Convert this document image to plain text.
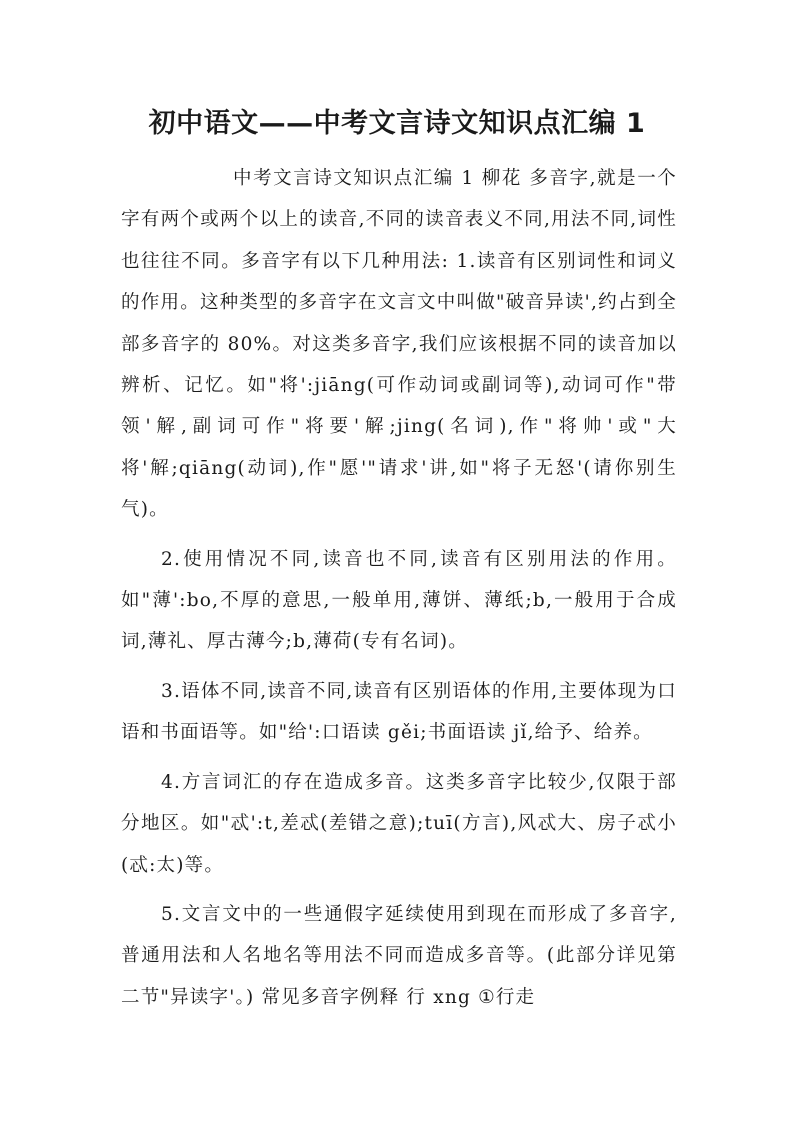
初中语文——中考文言诗文知识点汇编 1

中考文言诗文知识点汇编 1 柳花 多音字,就是一个字有两个或两个以上的读音,不同的读音表义不同,用法不同,词性也往往不同。多音字有以下几种用法: 1.读音有区别词性和词义的作用。这种类型的多音字在文言文中叫做"破音异读',约占到全部多音字的 80%。对这类多音字,我们应该根据不同的读音加以辨析、记忆。如"将':jiāng(可作动词或副词等),动词可作"带领'解,副词可作"将要'解;jing(名词),作"将帅'或"大将'解;qiāng(动词),作"愿'"请求'讲,如"将子无怒'(请你别生气)。

2.使用情况不同,读音也不同,读音有区别用法的作用。如"薄':bo,不厚的意思,一般单用,薄饼、薄纸;b,一般用于合成词,薄礼、厚古薄今;b,薄荷(专有名词)。

3.语体不同,读音不同,读音有区别语体的作用,主要体现为口语和书面语等。如"给':口语读 gěi;书面语读 jǐ,给予、给养。

4.方言词汇的存在造成多音。这类多音字比较少,仅限于部分地区。如"忒':t,差忒(差错之意);tuī(方言),风忒大、房子忒小(忒:太)等。

5.文言文中的一些通假字延续使用到现在而形成了多音字,普通用法和人名地名等用法不同而造成多音等。(此部分详见第二节"异读字'。) 常见多音字例释 行 xng ①行走
